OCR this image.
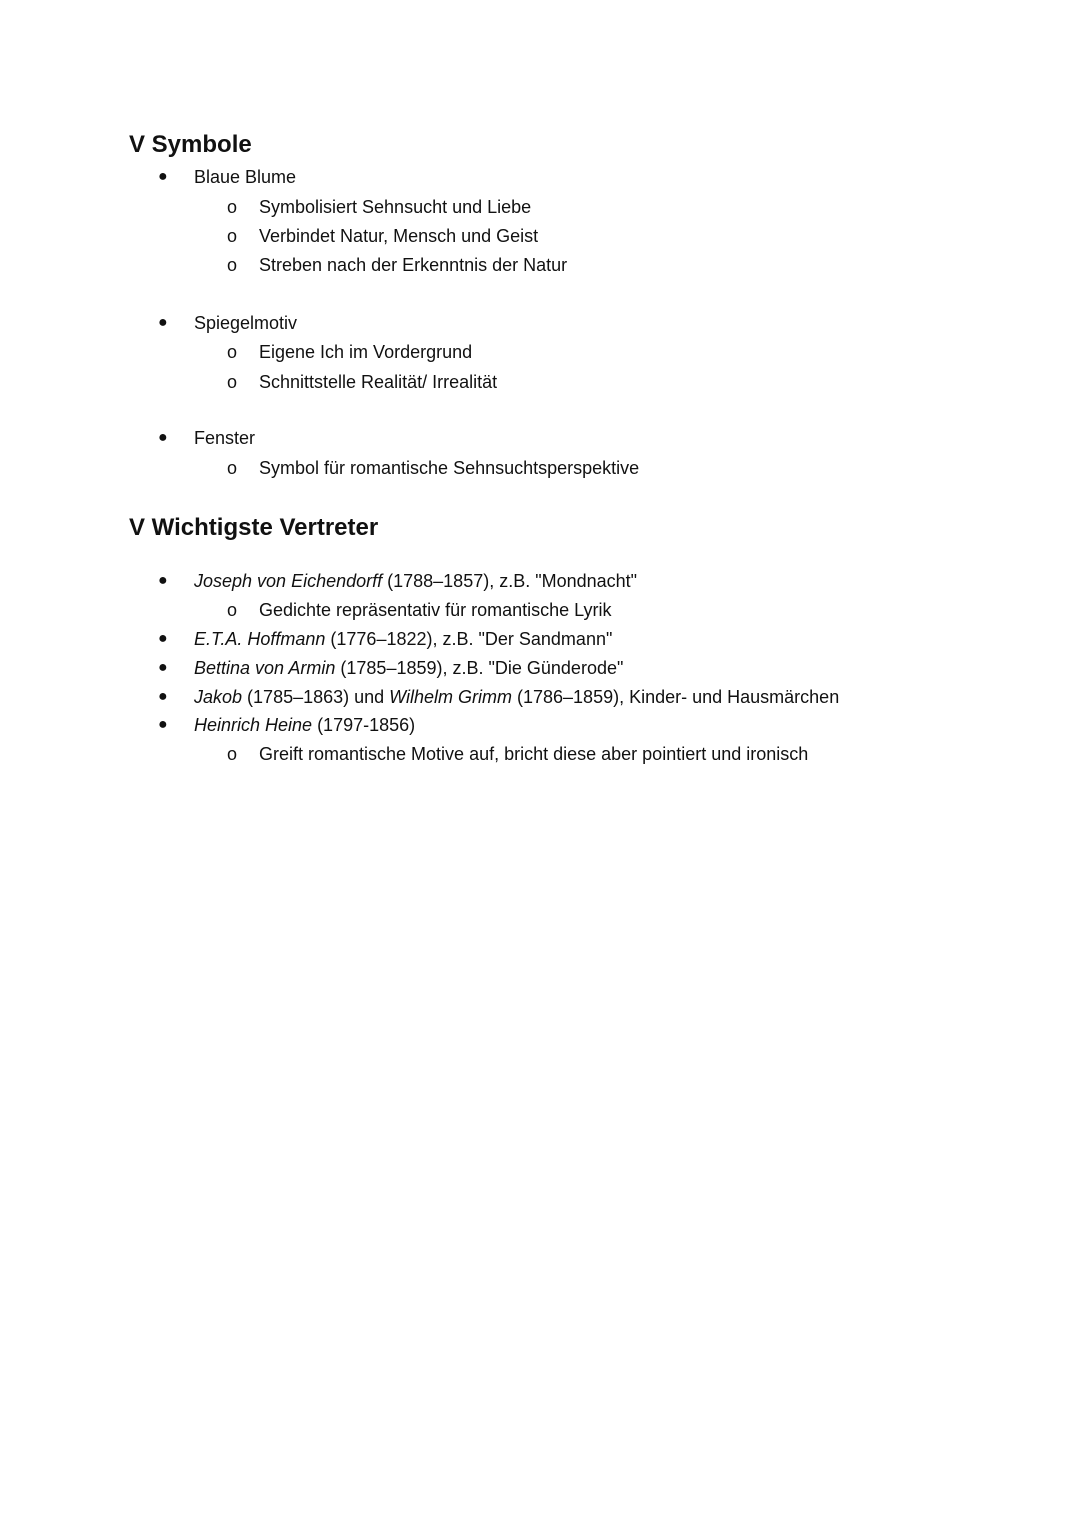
V Symbole
● Blaue Blume
o Symbolisiert Sehnsucht und Liebe
o Verbindet Natur, Mensch und Geist
o Streben nach der Erkenntnis der Natur
● Spiegelmotiv
o Eigene Ich im Vordergrund
o Schnittstelle Realität/ Irrealität
● Fenster
o Symbol für romantische Sehnsuchtsperspektive
V Wichtigste Vertreter
● Joseph von Eichendorff (1788–1857), z.B. "Mondnacht"
o Gedichte repräsentativ für romantische Lyrik
● E.T.A. Hoffmann (1776–1822), z.B. "Der Sandmann"
● Bettina von Armin (1785–1859), z.B. "Die Günderode"
● Jakob (1785–1863) und Wilhelm Grimm (1786–1859), Kinder- und Hausmärchen
● Heinrich Heine (1797-1856)
o Greift romantische Motive auf, bricht diese aber pointiert und ironisch
